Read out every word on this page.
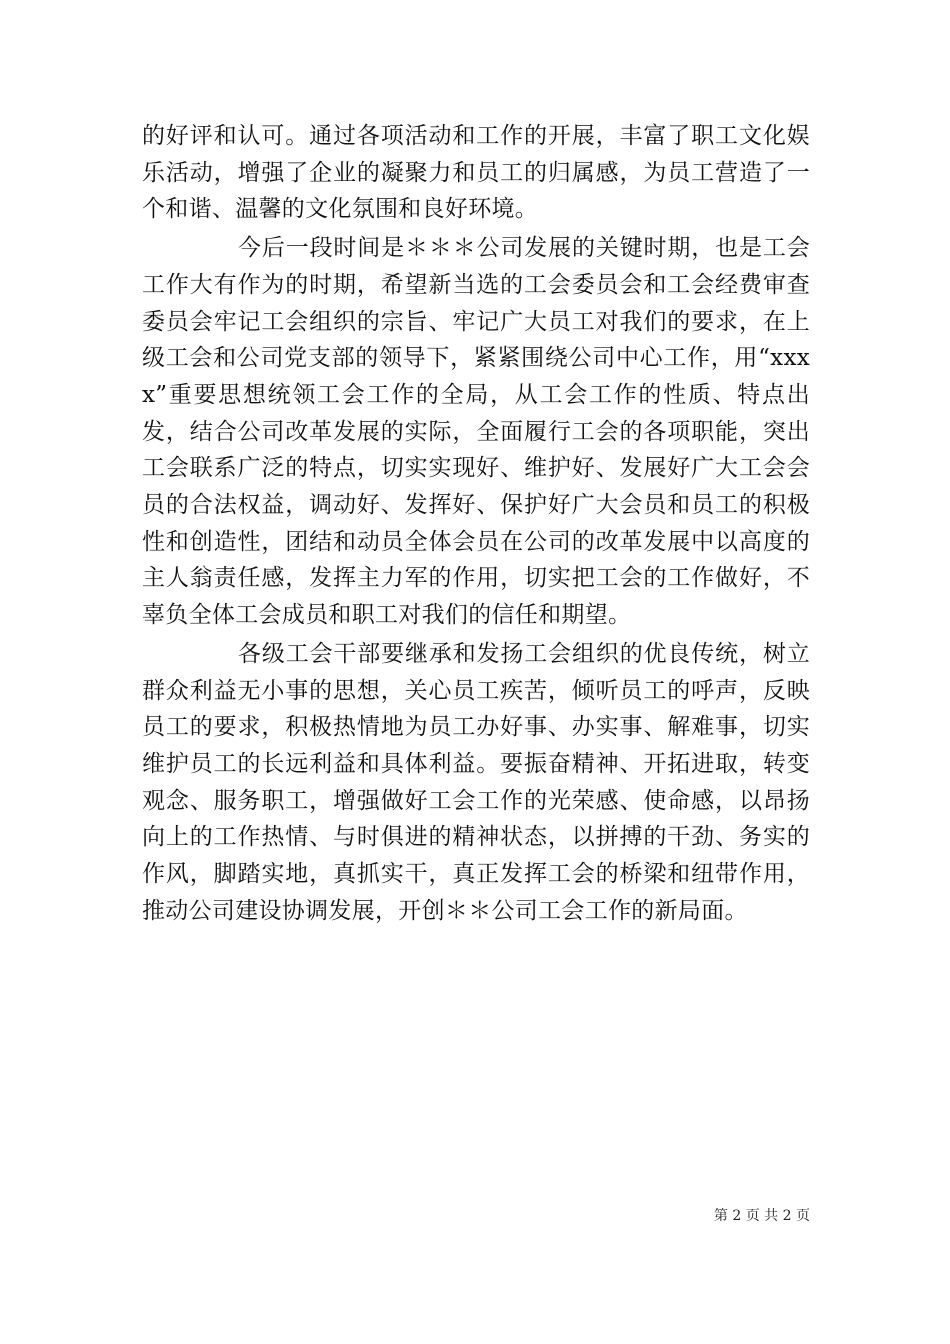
的好评和认可。通过各项活动和工作的开展，丰富了职工文化娱乐活动，增强了企业的凝聚力和员工的归属感，为员工营造了一个和谐、温馨的文化氛围和良好环境。

今后一段时间是＊＊＊公司发展的关键时期，也是工会工作大有作为的时期，希望新当选的工会委员会和工会经费审查委员会牢记工会组织的宗旨、牢记广大员工对我们的要求，在上级工会和公司党支部的领导下，紧紧围绕公司中心工作，用“xxxx”重要思想统领工会工作的全局，从工会工作的性质、特点出发，结合公司改革发展的实际，全面履行工会的各项职能，突出工会联系广泛的特点，切实实现好、维护好、发展好广大工会会员的合法权益，调动好、发挥好、保护好广大会员和员工的积极性和创造性，团结和动员全体会员在公司的改革发展中以高度的主人翁责任感，发挥主力军的作用，切实把工会的工作做好，不辜负全体工会成员和职工对我们的信任和期望。

各级工会干部要继承和发扬工会组织的优良传统，树立群众利益无小事的思想，关心员工疾苦，倾听员工的呼声，反映员工的要求，积极热情地为员工办好事、办实事、解难事，切实维护员工的长远利益和具体利益。要振奋精神、开拓进取，转变观念、服务职工，增强做好工会工作的光荣感、使命感，以昂扬向上的工作热情、与时俱进的精神状态，以拼搏的干劲、务实的作风，脚踏实地，真抓实干，真正发挥工会的桥梁和纽带作用，推动公司建设协调发展，开创＊＊公司工会工作的新局面。

第 2 页 共 2 页
